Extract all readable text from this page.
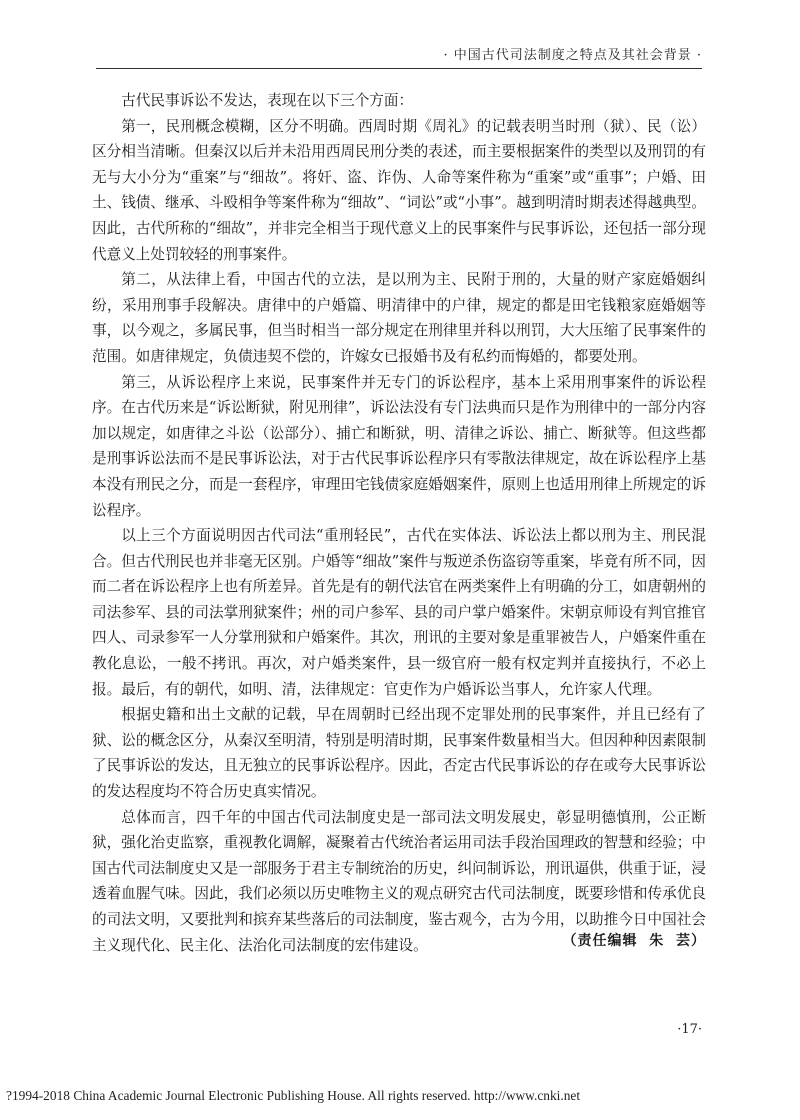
· 中国古代司法制度之特点及其社会背景 ·

古代民事诉讼不发达，表现在以下三个方面：

第一，民刑概念模糊，区分不明确。西周时期《周礼》的记载表明当时刑（狱）、民（讼）区分相当清晰。但秦汉以后并未沿用西周民刑分类的表述，而主要根据案件的类型以及刑罚的有无与大小分为“重案”与“细故”。将奸、盗、诈伪、人命等案件称为“重案”或“重事”；户婚、田土、钱债、继承、斗殴相争等案件称为“细故”、“词讼”或“小事”。越到明清时期表述得越典型。因此，古代所称的“细故”，并非完全相当于现代意义上的民事案件与民事诉讼，还包括一部分现代意义上处罚较轻的刑事案件。

第二，从法律上看，中国古代的立法，是以刑为主、民附于刑的，大量的财产家庭婚姻纠纷，采用刑事手段解决。唐律中的户婚篇、明清律中的户律，规定的都是田宅钱粮家庭婚姻等事，以今观之，多属民事，但当时相当一部分规定在刑律里并科以刑罚，大大压缩了民事案件的范围。如唐律规定，负债违契不偿的，许嫁女已报婚书及有私约而悔婚的，都要处刑。

第三，从诉讼程序上来说，民事案件并无专门的诉讼程序，基本上采用刑事案件的诉讼程序。在古代历来是“诉讼断狱，附见刑律”，诉讼法没有专门法典而只是作为刑律中的一部分内容加以规定，如唐律之斗讼（讼部分）、捕亡和断狱，明、清律之诉讼、捕亡、断狱等。但这些都是刑事诉讼法而不是民事诉讼法，对于古代民事诉讼程序只有零散法律规定，故在诉讼程序上基本没有刑民之分，而是一套程序，审理田宅钱债家庭婚姻案件，原则上也适用刑律上所规定的诉讼程序。

以上三个方面说明因古代司法“重刑轻民”，古代在实体法、诉讼法上都以刑为主、刑民混合。但古代刑民也并非毫无区别。户婚等“细故”案件与叛逆杀伤盗窃等重案，毕竟有所不同，因而二者在诉讼程序上也有所差异。首先是有的朝代法官在两类案件上有明确的分工，如唐朝州的司法参军、县的司法掌刑狱案件；州的司户参军、县的司户掌户婚案件。宋朝京师设有判官推官四人、司录参军一人分掌刑狱和户婚案件。其次，刑讯的主要对象是重罪被告人，户婚案件重在教化息讼，一般不拷讯。再次，对户婚类案件，县一级官府一般有权定判并直接执行，不必上报。最后，有的朝代，如明、清，法律规定：官吏作为户婚诉讼当事人，允许家人代理。

根据史籍和出土文献的记载，早在周朝时已经出现不定罪处刑的民事案件，并且已经有了狱、讼的概念区分，从秦汉至明清，特别是明清时期，民事案件数量相当大。但因种种因素限制了民事诉讼的发达，且无独立的民事诉讼程序。因此，否定古代民事诉讼的存在或夸大民事诉讼的发达程度均不符合历史真实情况。

总体而言，四千年的中国古代司法制度史是一部司法文明发展史，彰显明德慎刑，公正断狱，强化治吏监察，重视教化调解，凝聚着古代统治者运用司法手段治国理政的智慧和经验；中国古代司法制度史又是一部服务于君主专制统治的历史，纠问制诉讼，刑讯逼供，供重于证，浸透着血腥气味。因此，我们必须以历史唯物主义的观点研究古代司法制度，既要珍惜和传承优良的司法文明，又要批判和摈弃某些落后的司法制度，鉴古观今，古为今用，以助推今日中国社会主义现代化、民主化、法治化司法制度的宏伟建设。	（责任编辑  朱  芸）
·17·
?1994-2018 China Academic Journal Electronic Publishing House. All rights reserved. http://www.cnki.net
